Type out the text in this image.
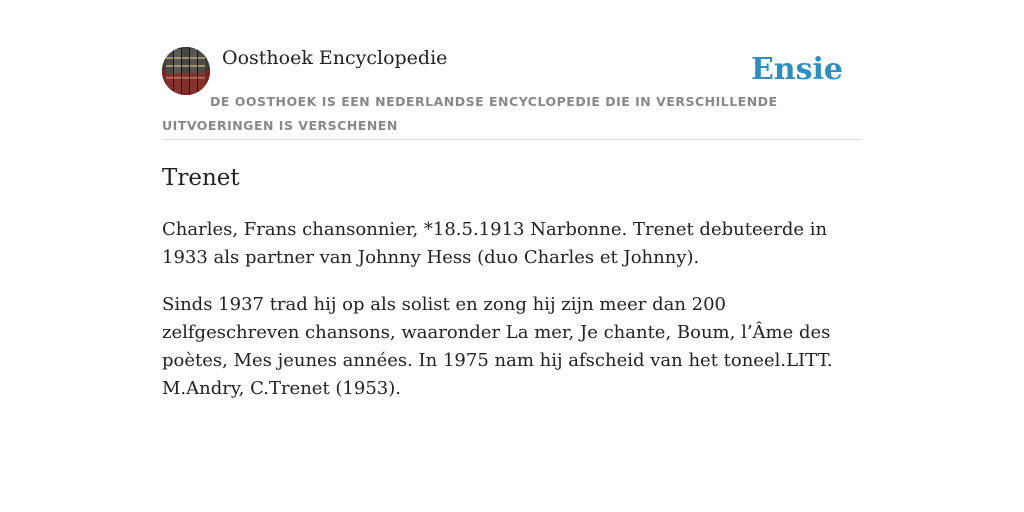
Oosthoek Encyclopedie	Ensie
DE OOSTHOEK IS EEN NEDERLANDSE ENCYCLOPEDIE DIE IN VERSCHILLENDE UITVOERINGEN IS VERSCHENEN
Trenet

Charles, Frans chansonnier, *18.5.1913 Narbonne. Trenet debuteerde in 1933 als partner van Johnny Hess (duo Charles et Johnny).

Sinds 1937 trad hij op als solist en zong hij zijn meer dan 200 zelfgeschreven chansons, waaronder La mer, Je chante, Boum, l’Âme des poètes, Mes jeunes années. In 1975 nam hij afscheid van het toneel.LITT. M.Andry, C.Trenet (1953).
